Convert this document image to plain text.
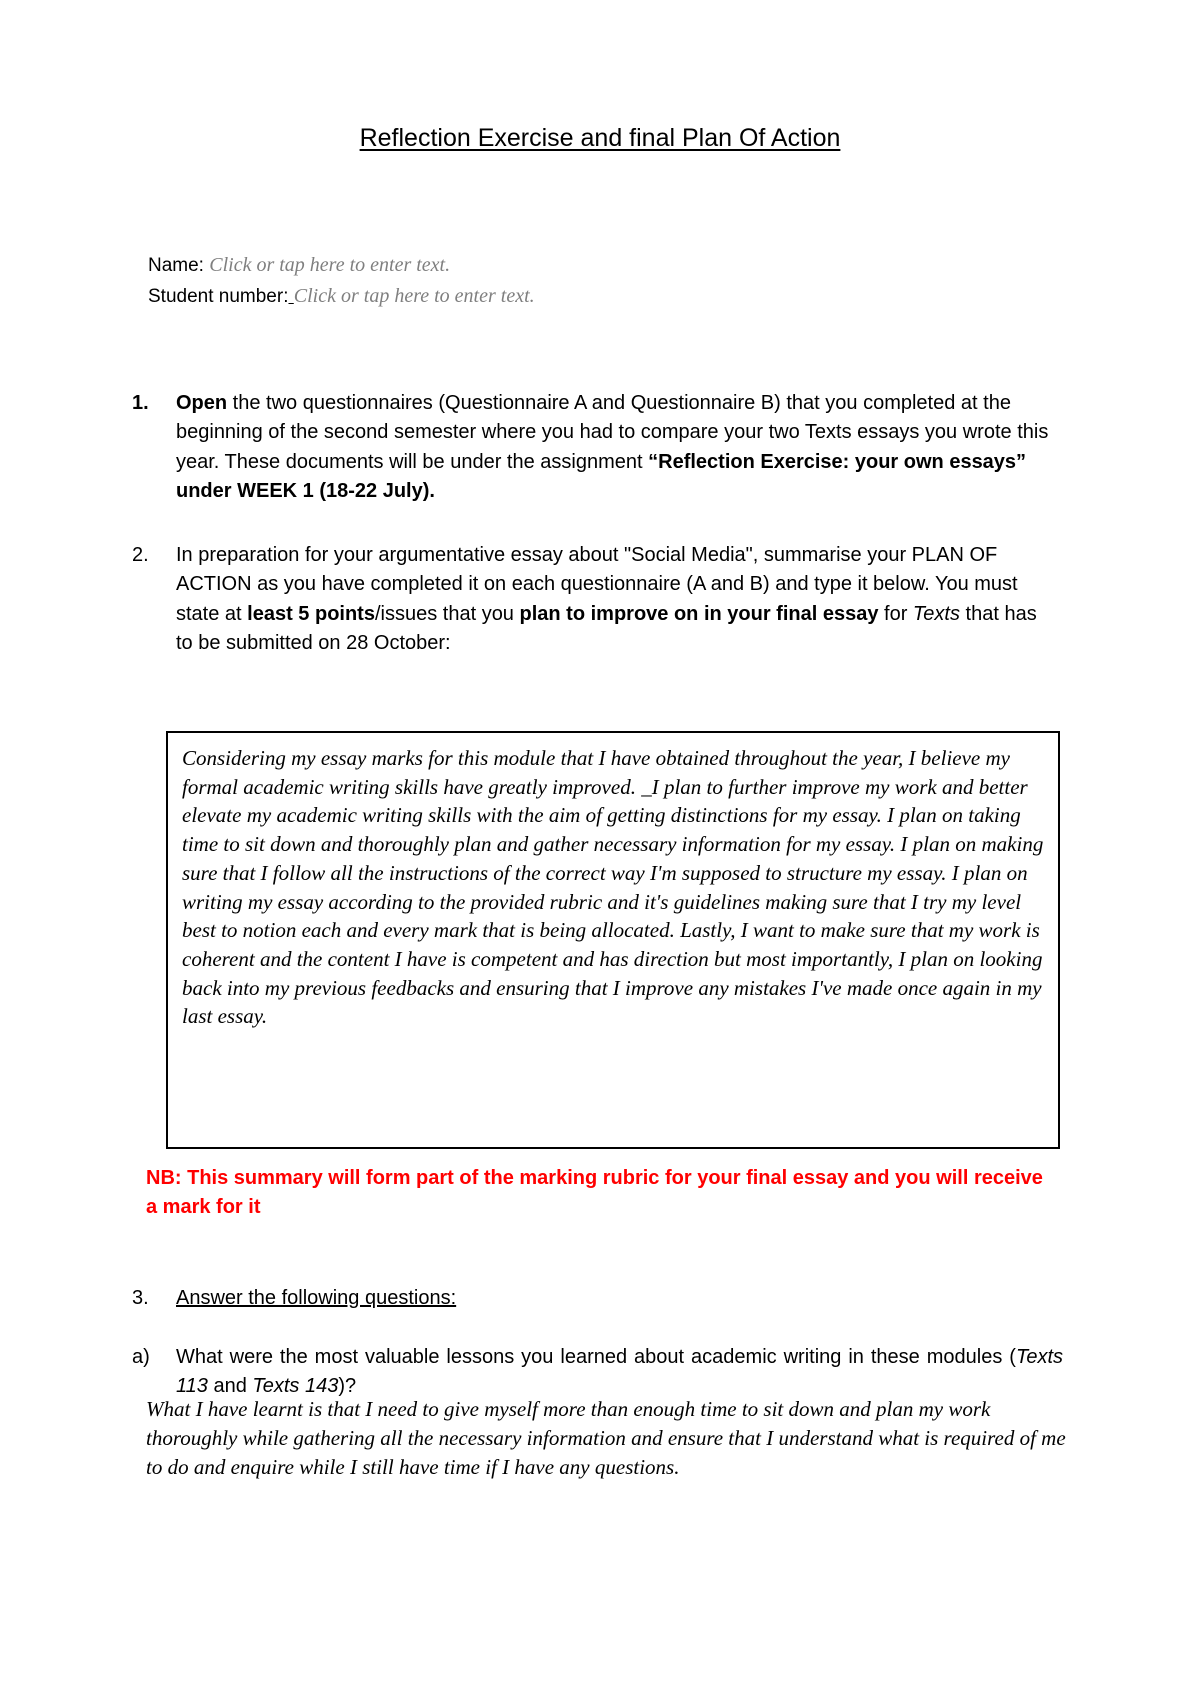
Reflection Exercise and final Plan Of Action
Name: Click or tap here to enter text.
Student number: Click or tap here to enter text.
1. Open the two questionnaires (Questionnaire A and Questionnaire B) that you completed at the beginning of the second semester where you had to compare your two Texts essays you wrote this year. These documents will be under the assignment “Reflection Exercise: your own essays” under WEEK 1 (18-22 July).
2. In preparation for your argumentative essay about "Social Media", summarise your PLAN OF ACTION as you have completed it on each questionnaire (A and B) and type it below. You must state at least 5 points/issues that you plan to improve on in your final essay for Texts that has to be submitted on 28 October:
Considering my essay marks for this module that I have obtained throughout the year, I believe my formal academic writing skills have greatly improved. _I plan to further improve my work and better elevate my academic writing skills with the aim of getting distinctions for my essay. I plan on taking time to sit down and thoroughly plan and gather necessary information for my essay. I plan on making sure that I follow all the instructions of the correct way I'm supposed to structure my essay. I plan on writing my essay according to the provided rubric and it's guidelines making sure that I try my level best to notion each and every mark that is being allocated. Lastly, I want to make sure that my work is coherent and the content I have is competent and has direction but most importantly, I plan on looking back into my previous feedbacks and ensuring that I improve any mistakes I've made once again in my last essay.
NB: This summary will form part of the marking rubric for your final essay and you will receive a mark for it
3. Answer the following questions:
a) What were the most valuable lessons you learned about academic writing in these modules (Texts 113 and Texts 143)?
What I have learnt is that I need to give myself more than enough time to sit down and plan my work thoroughly while gathering all the necessary information and ensure that I understand what is required of me to do and enquire while I still have time if I have any questions.
